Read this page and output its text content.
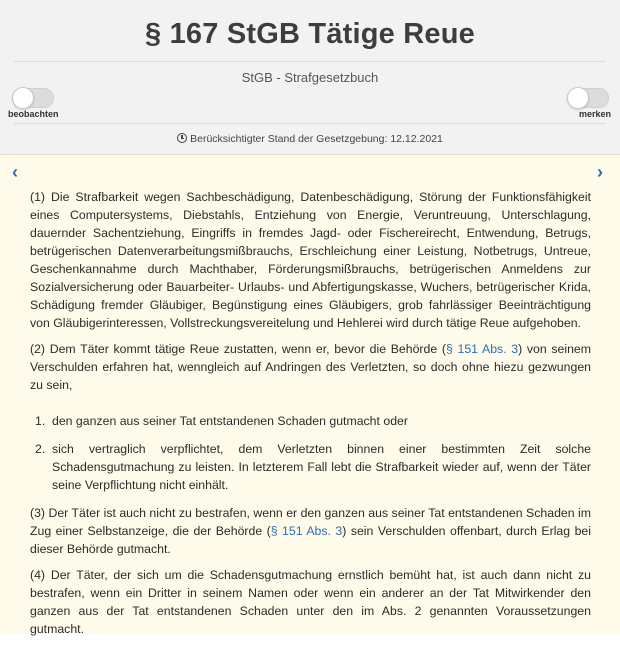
§ 167 StGB Tätige Reue
StGB - Strafgesetzbuch
beobachten	merken
Berücksichtigter Stand der Gesetzgebung: 12.12.2021
‹	›

(1) Die Strafbarkeit wegen Sachbeschädigung, Datenbeschädigung, Störung der Funktionsfähigkeit eines Computersystems, Diebstahls, Entziehung von Energie, Veruntreuung, Unterschlagung, dauernder Sachentziehung, Eingriffs in fremdes Jagd- oder Fischereirecht, Entwendung, Betrugs, betrügerischen Datenverarbeitungsmißbrauchs, Erschleichung einer Leistung, Notbetrugs, Untreue, Geschenkannahme durch Machthaber, Förderungsmißbrauchs, betrügerischen Anmeldens zur Sozialversicherung oder Bauarbeiter- Urlaubs- und Abfertigungskasse, Wuchers, betrügerischer Krida, Schädigung fremder Gläubiger, Begünstigung eines Gläubigers, grob fahrlässiger Beeinträchtigung von Gläubigerinteressen, Vollstreckungsvereitelung und Hehlerei wird durch tätige Reue aufgehoben.

(2) Dem Täter kommt tätige Reue zustatten, wenn er, bevor die Behörde (§ 151 Abs. 3) von seinem Verschulden erfahren hat, wenngleich auf Andringen des Verletzten, so doch ohne hiezu gezwungen zu sein,

1. den ganzen aus seiner Tat entstandenen Schaden gutmacht oder
2. sich vertraglich verpflichtet, dem Verletzten binnen einer bestimmten Zeit solche Schadensgutmachung zu leisten. In letzterem Fall lebt die Strafbarkeit wieder auf, wenn der Täter seine Verpflichtung nicht einhält.

(3) Der Täter ist auch nicht zu bestrafen, wenn er den ganzen aus seiner Tat entstandenen Schaden im Zug einer Selbstanzeige, die der Behörde (§ 151 Abs. 3) sein Verschulden offenbart, durch Erlag bei dieser Behörde gutmacht.

(4) Der Täter, der sich um die Schadensgutmachung ernstlich bemüht hat, ist auch dann nicht zu bestrafen, wenn ein Dritter in seinem Namen oder wenn ein anderer an der Tat Mitwirkender den ganzen aus der Tat entstandenen Schaden unter den im Abs. 2 genannten Voraussetzungen gutmacht.
